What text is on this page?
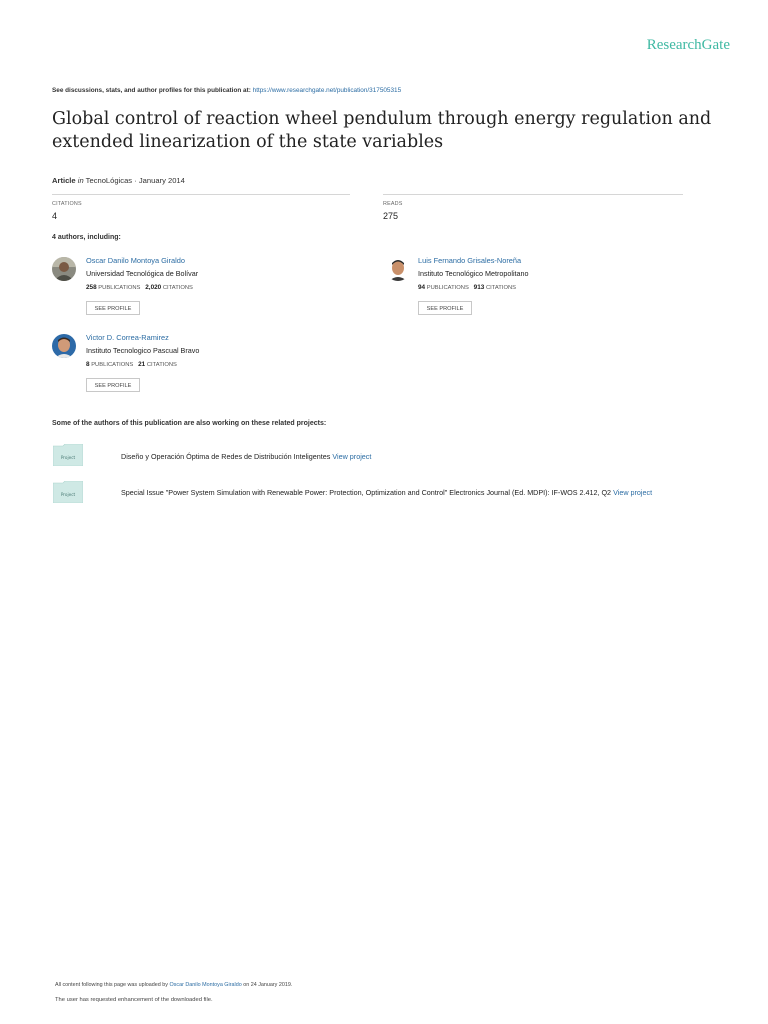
ResearchGate
See discussions, stats, and author profiles for this publication at: https://www.researchgate.net/publication/317505315
Global control of reaction wheel pendulum through energy regulation and extended linearization of the state variables
Article in TecnoLógicas · January 2014
CITATIONS
4
READS
275
4 authors, including:
Oscar Danilo Montoya Giraldo
Universidad Tecnológica de Bolívar
258 PUBLICATIONS 2,020 CITATIONS
SEE PROFILE
Luis Fernando Grisales-Noreña
Instituto Tecnológico Metropolitano
94 PUBLICATIONS 913 CITATIONS
SEE PROFILE
Victor D. Correa-Ramirez
Instituto Tecnologico Pascual Bravo
8 PUBLICATIONS 21 CITATIONS
SEE PROFILE
Some of the authors of this publication are also working on these related projects:
Project	Diseño y Operación Óptima de Redes de Distribución Inteligentes View project
Project	Special Issue "Power System Simulation with Renewable Power: Protection, Optimization and Control" Electronics Journal (Ed. MDPI): IF-WOS 2.412, Q2 View project
All content following this page was uploaded by Oscar Danilo Montoya Giraldo on 24 January 2019.
The user has requested enhancement of the downloaded file.
